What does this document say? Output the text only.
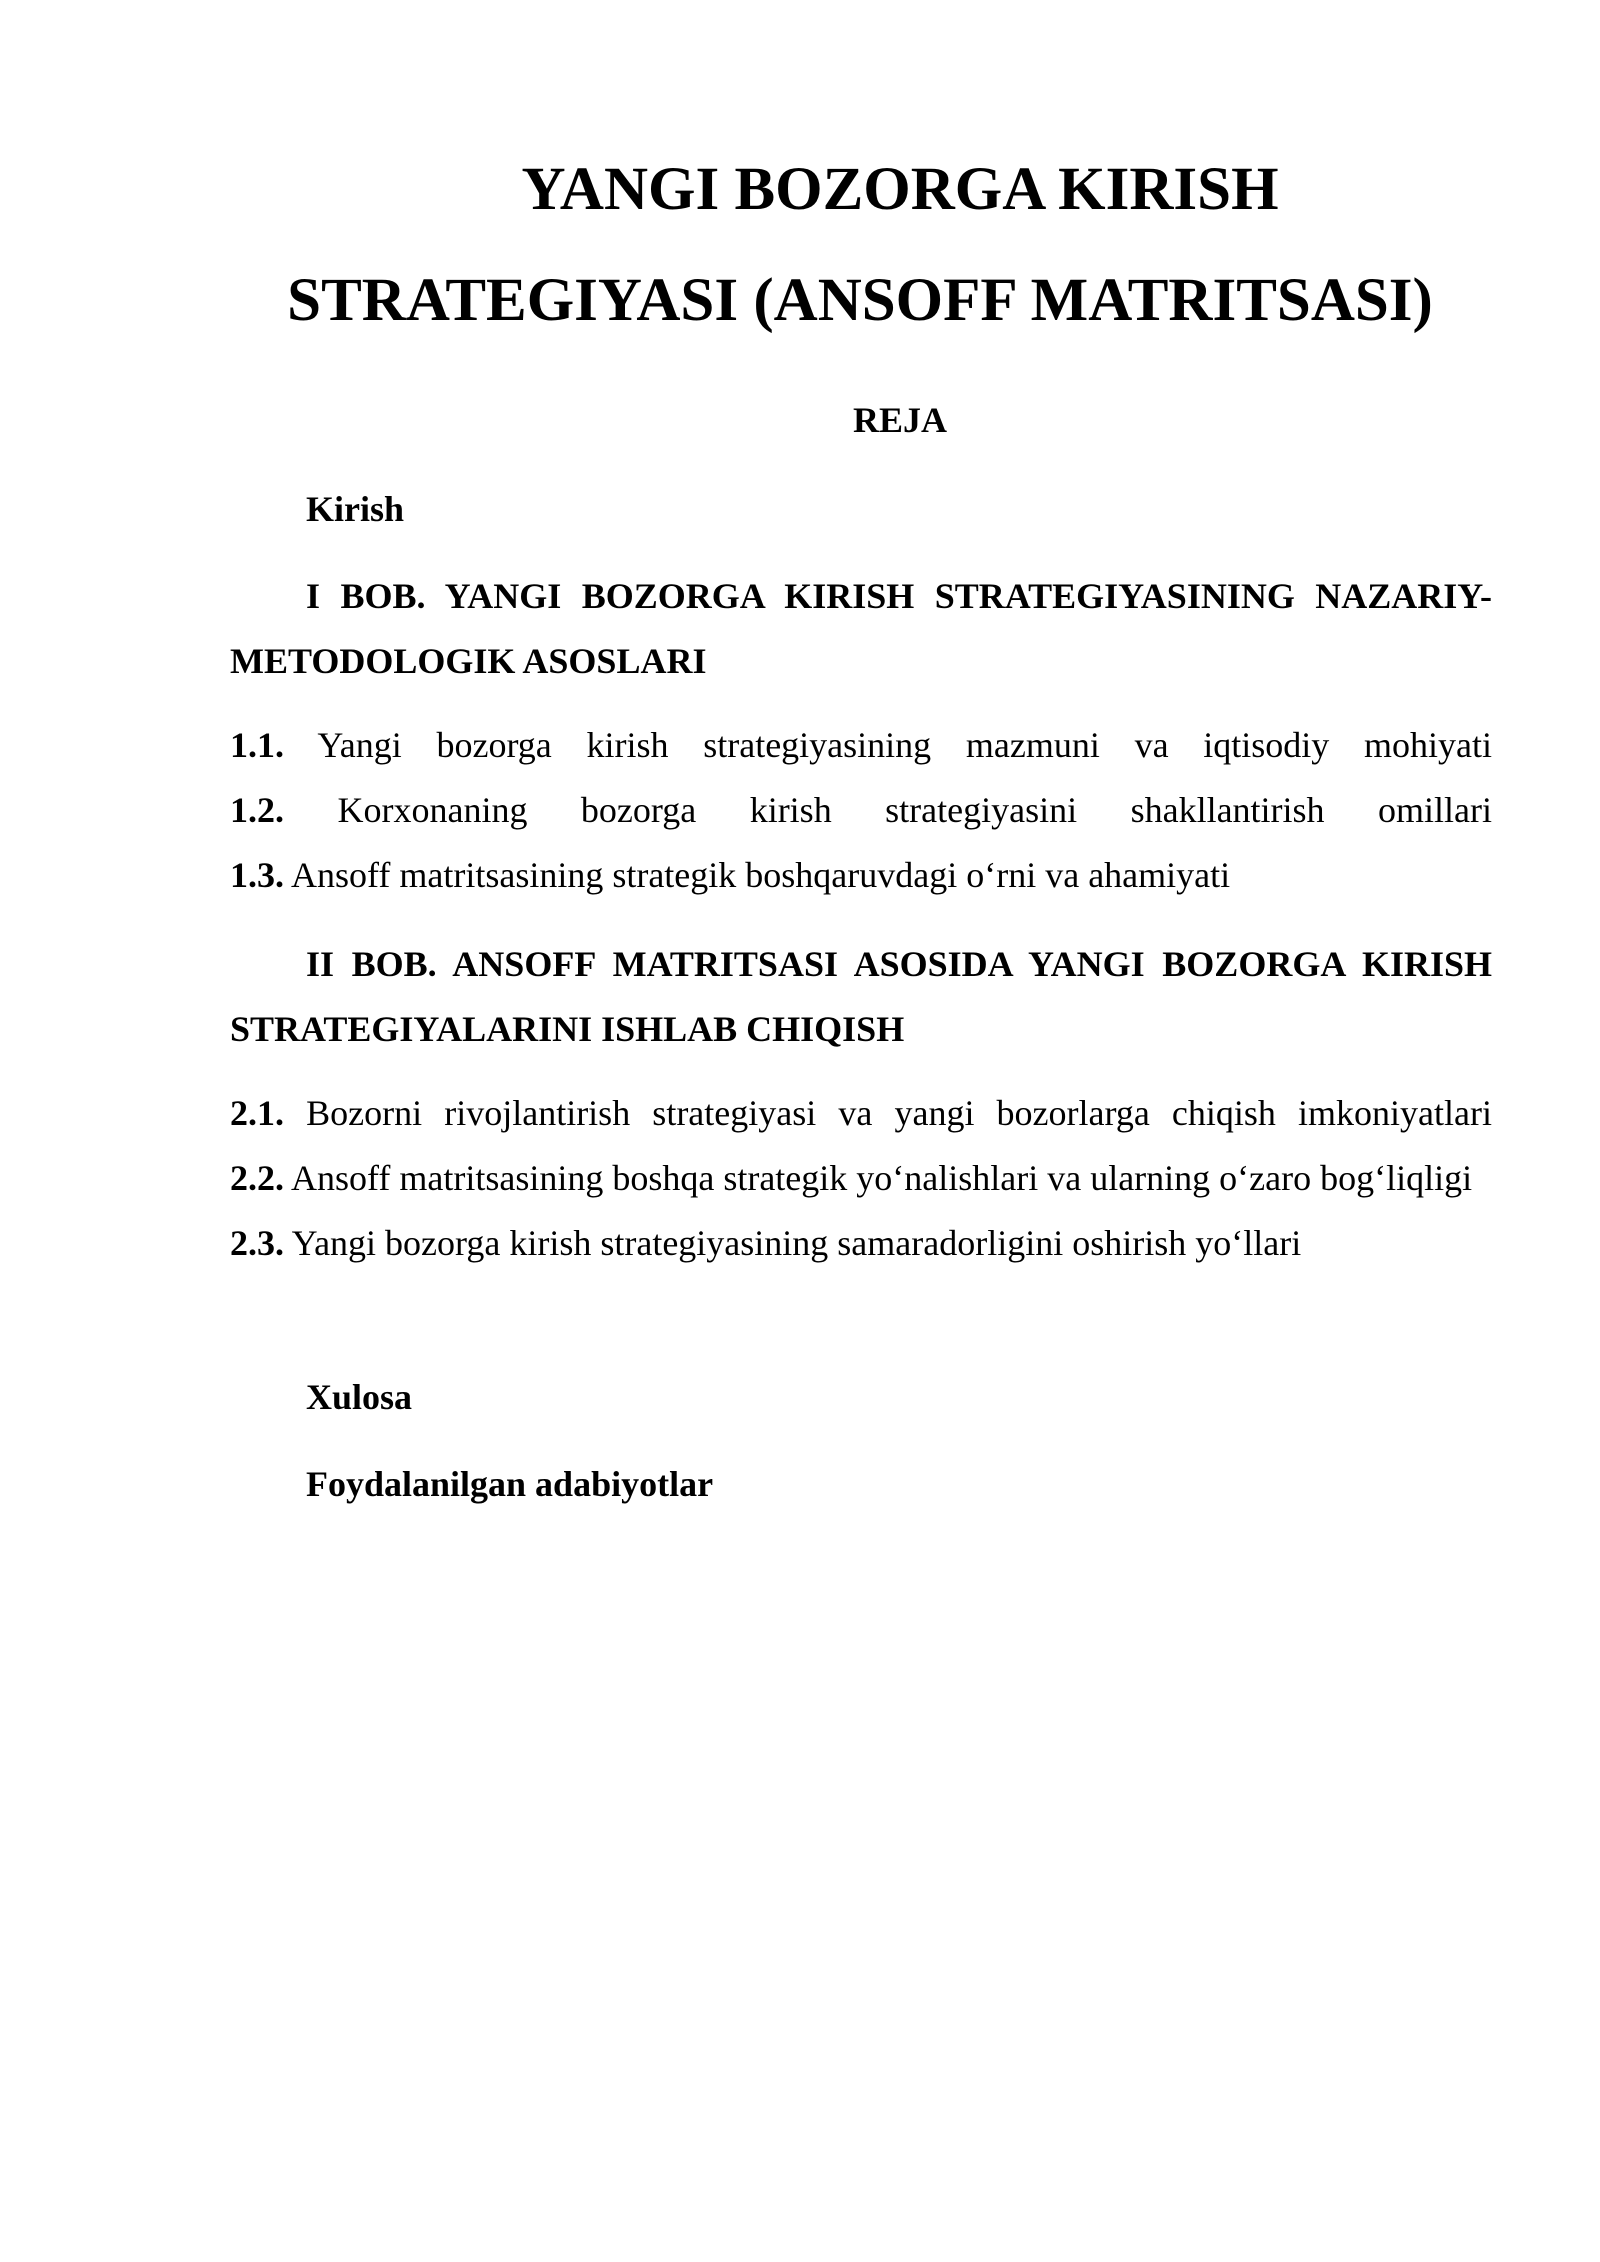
YANGI BOZORGA KIRISH
STRATEGIYASI (ANSOFF MATRITSASI)
REJA
Kirish
I BOB. YANGI BOZORGA KIRISH STRATEGIYASINING NAZARIY-METODOLOGIK ASOSLARI
1.1. Yangi bozorga kirish strategiyasining mazmuni va iqtisodiy mohiyati
1.2. Korxonaning bozorga kirish strategiyasini shakllantirish omillari
1.3. Ansoff matritsasining strategik boshqaruvdagi o‘rni va ahamiyati
II BOB. ANSOFF MATRITSASI ASOSIDA YANGI BOZORGA KIRISH STRATEGIYALARINI ISHLAB CHIQISH
2.1. Bozorni rivojlantirish strategiyasi va yangi bozorlarga chiqish imkoniyatlari
2.2. Ansoff matritsasining boshqa strategik yo‘nalishlari va ularning o‘zaro bog‘liqligi
2.3. Yangi bozorga kirish strategiyasining samaradorligini oshirish yo‘llari
Xulosa
Foydalanilgan adabiyotlar
